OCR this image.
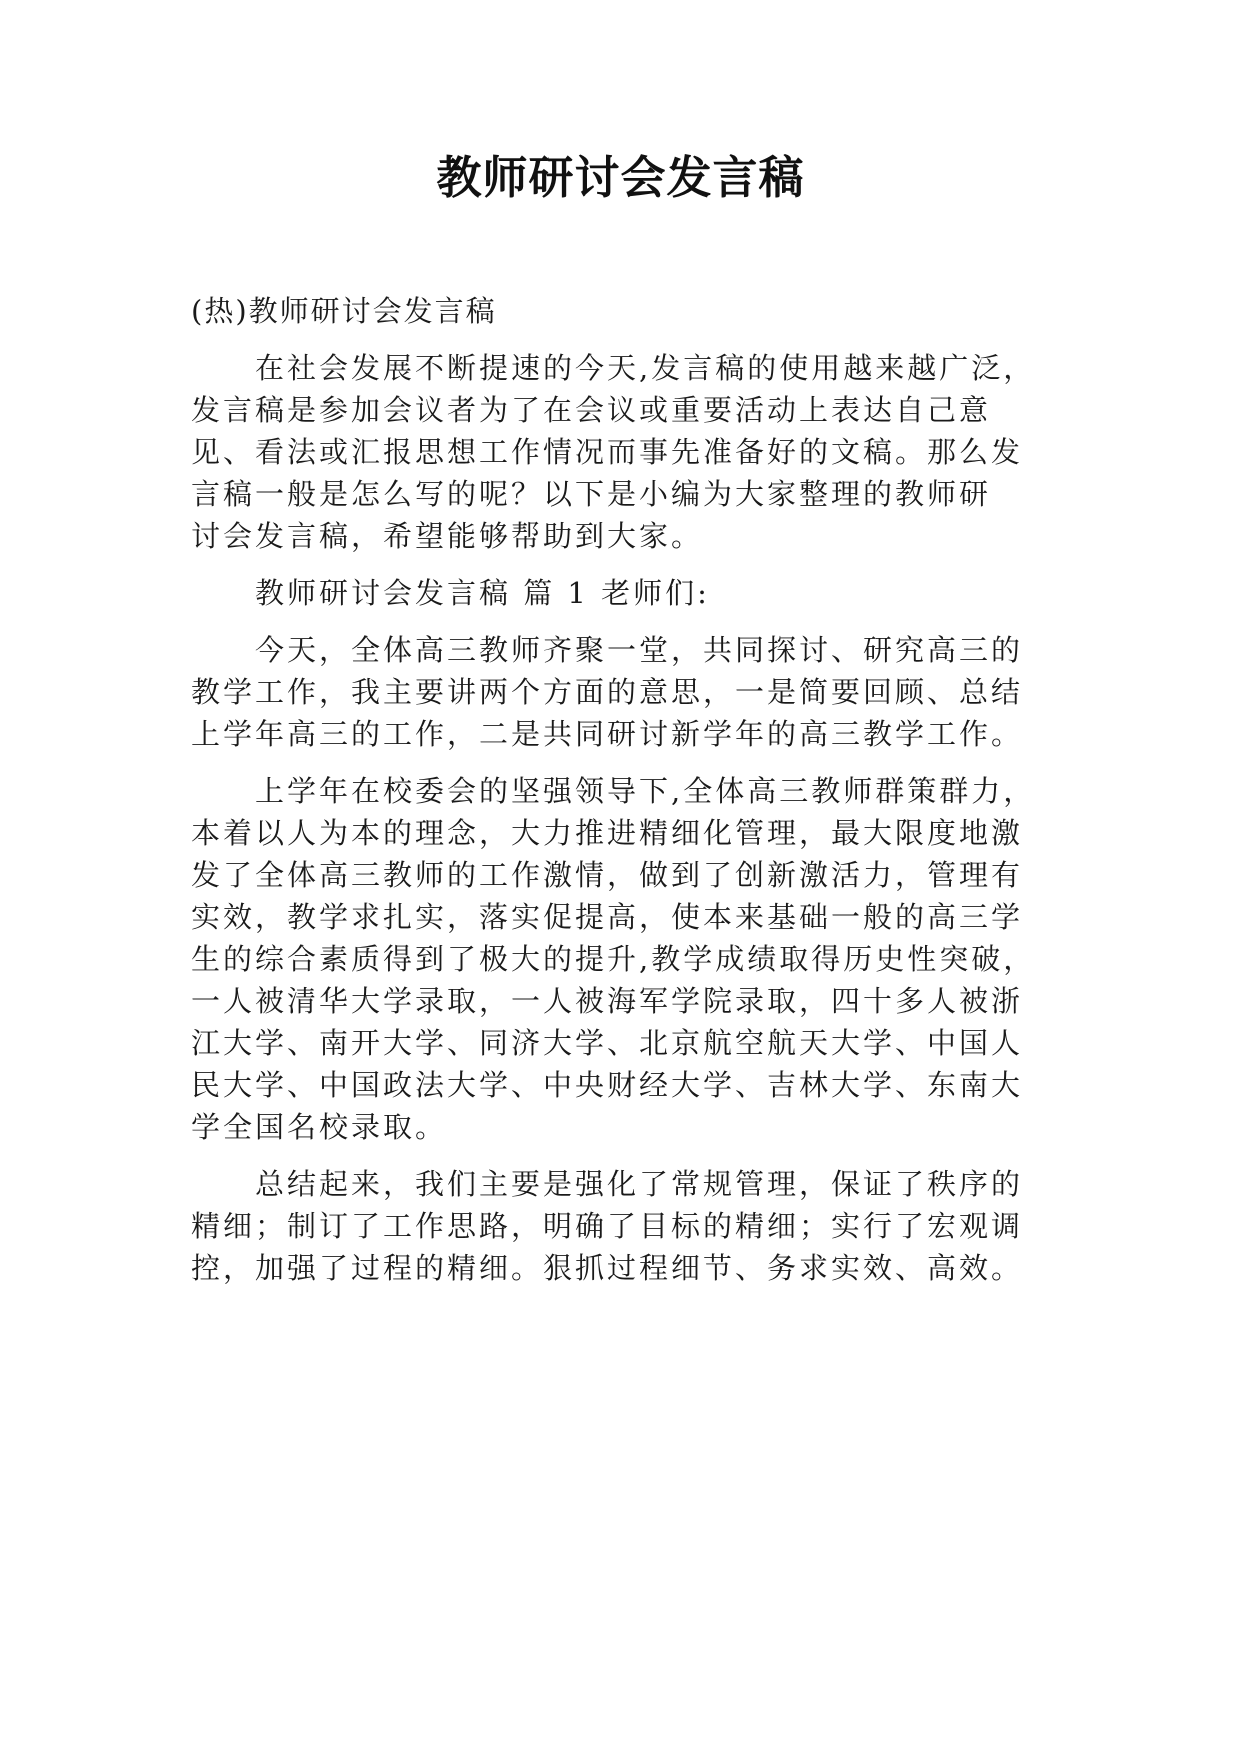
教师研讨会发言稿
(热)教师研讨会发言稿
在社会发展不断提速的今天,发言稿的使用越来越广泛，
发言稿是参加会议者为了在会议或重要活动上表达自己意
见、看法或汇报思想工作情况而事先准备好的文稿。那么发
言稿一般是怎么写的呢？以下是小编为大家整理的教师研
讨会发言稿，希望能够帮助到大家。
教师研讨会发言稿 篇 1 老师们:
今天，全体高三教师齐聚一堂，共同探讨、研究高三的
教学工作，我主要讲两个方面的意思，一是简要回顾、总结
上学年高三的工作，二是共同研讨新学年的高三教学工作。
上学年在校委会的坚强领导下,全体高三教师群策群力，
本着以人为本的理念，大力推进精细化管理，最大限度地激
发了全体高三教师的工作激情，做到了创新激活力，管理有
实效，教学求扎实，落实促提高，使本来基础一般的高三学
生的综合素质得到了极大的提升,教学成绩取得历史性突破，
一人被清华大学录取，一人被海军学院录取，四十多人被浙
江大学、南开大学、同济大学、北京航空航天大学、中国人
民大学、中国政法大学、中央财经大学、吉林大学、东南大
学全国名校录取。
总结起来，我们主要是强化了常规管理，保证了秩序的
精细；制订了工作思路，明确了目标的精细；实行了宏观调
控，加强了过程的精细。狠抓过程细节、务求实效、高效。
